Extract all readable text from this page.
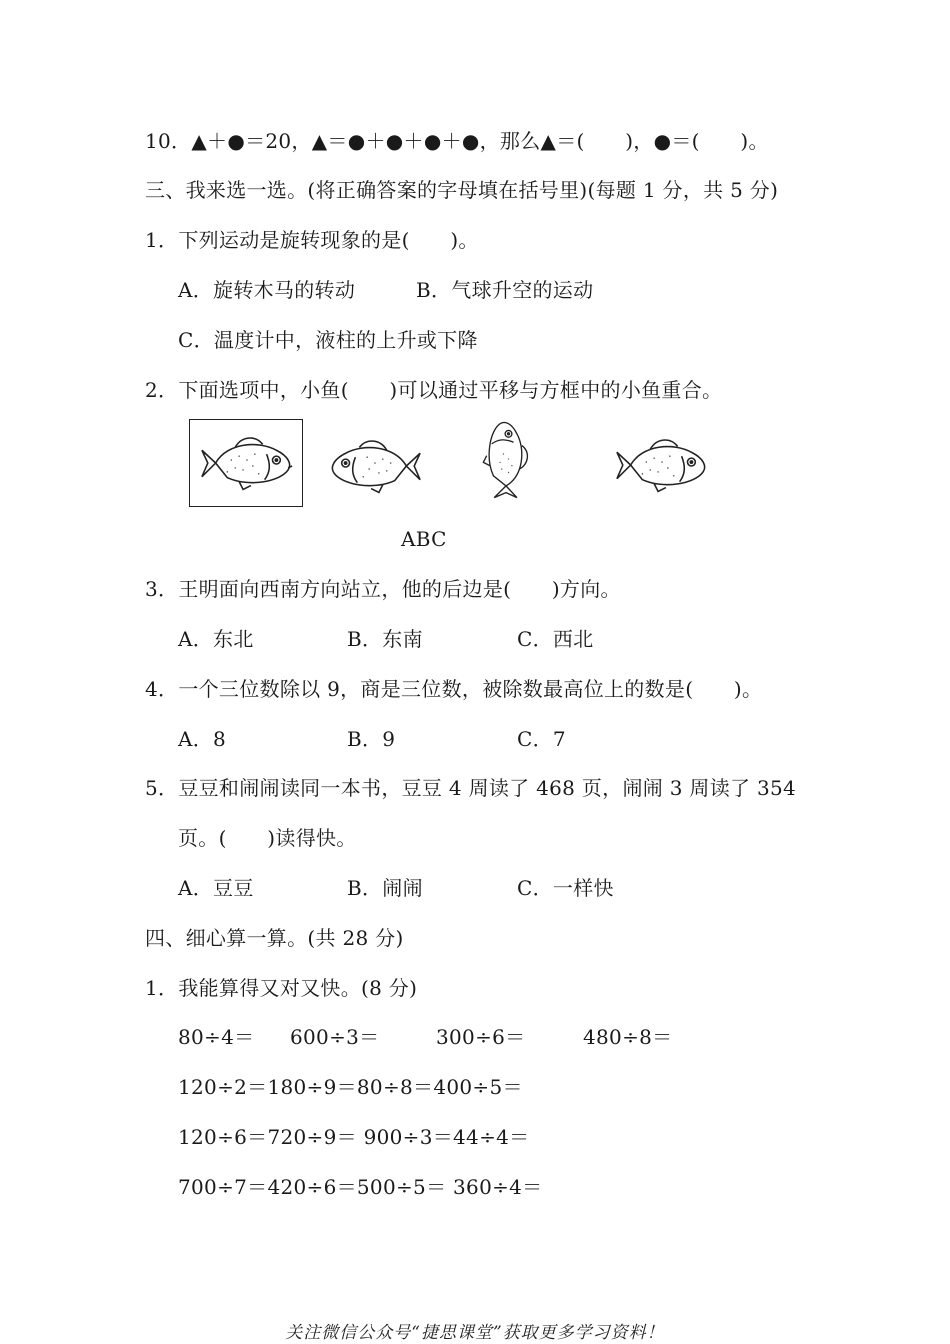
10．▲＋●＝20，▲＝●＋●＋●＋●，那么▲＝(　　)，●＝(　　)。
三、我来选一选。(将正确答案的字母填在括号里)(每题 1 分，共 5 分)
1．下列运动是旋转现象的是(　　)。
A．旋转木马的转动	B．气球升空的运动
C．温度计中，液柱的上升或下降
2．下面选项中，小鱼(　　)可以通过平移与方框中的小鱼重合。
ABC
3．王明面向西南方向站立，他的后边是(　　)方向。
A．东北	B．东南	C．西北
4．一个三位数除以 9，商是三位数，被除数最高位上的数是(　　)。
A．8	B．9	C．7
5．豆豆和闹闹读同一本书，豆豆 4 周读了 468 页，闹闹 3 周读了 354
页。(　　)读得快。
A．豆豆	B．闹闹	C．一样快
四、细心算一算。(共 28 分)
1．我能算得又对又快。(8 分)
80÷4＝ 600÷3＝	300÷6＝	480÷8＝
120÷2＝180÷9＝80÷8＝400÷5＝
120÷6＝720÷9＝ 900÷3＝44÷4＝
700÷7＝420÷6＝500÷5＝ 360÷4＝
关注微信公众号“捷思课堂”获取更多学习资料！
